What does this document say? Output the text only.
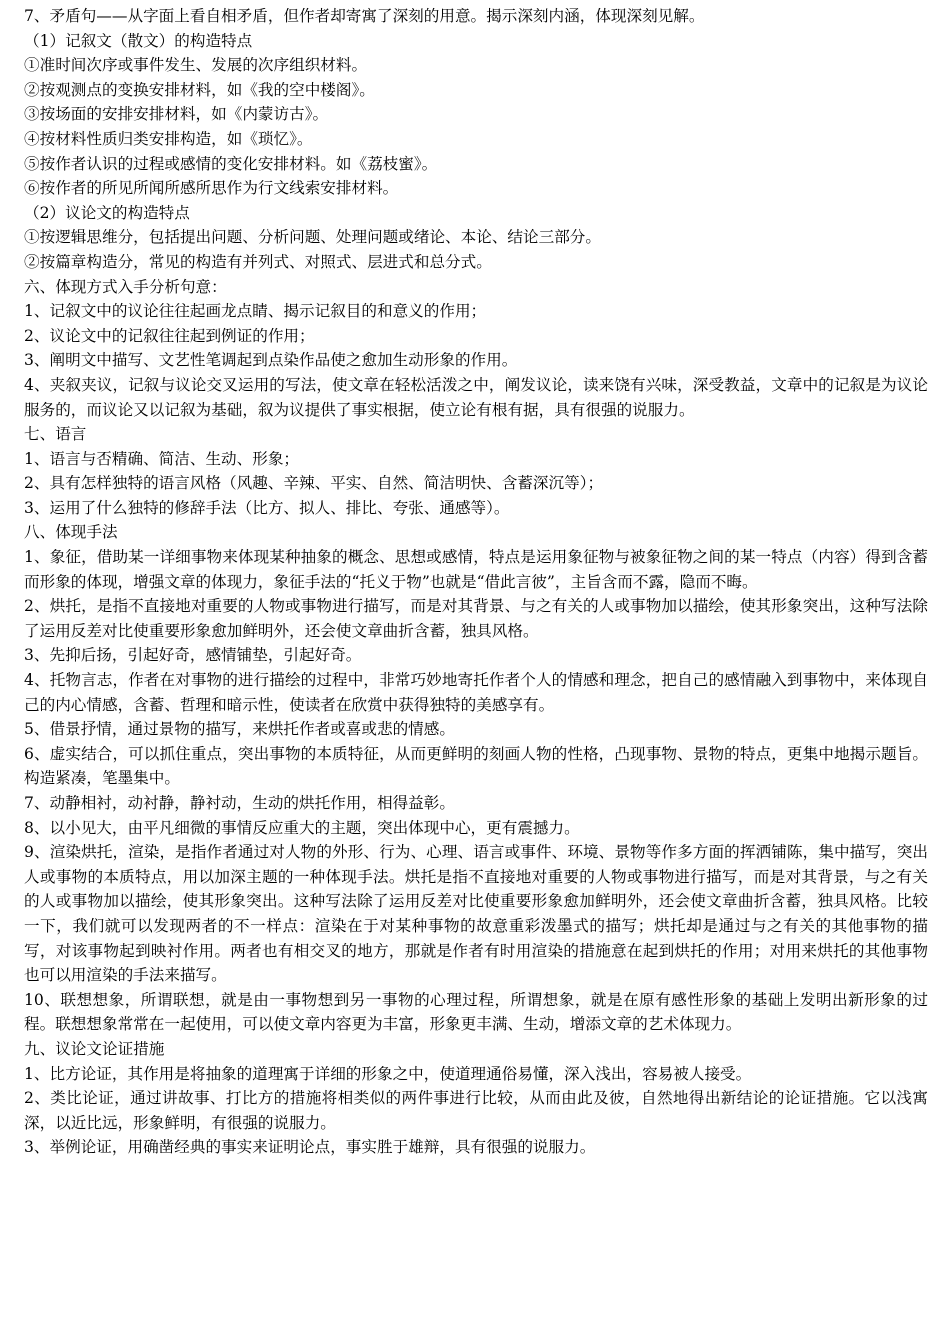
7、矛盾句——从字面上看自相矛盾，但作者却寄寓了深刻的用意。揭示深刻内涵，体现深刻见解。

（1）记叙文（散文）的构造特点

①准时间次序或事件发生、发展的次序组织材料。

②按观测点的变换安排材料，如《我的空中楼阁》。

③按场面的安排安排材料，如《内蒙访古》。

④按材料性质归类安排构造，如《琐忆》。

⑤按作者认识的过程或感情的变化安排材料。如《荔枝蜜》。

⑥按作者的所见所闻所感所思作为行文线索安排材料。

（2）议论文的构造特点

①按逻辑思维分，包括提出问题、分析问题、处理问题或绪论、本论、结论三部分。

②按篇章构造分，常见的构造有并列式、对照式、层进式和总分式。

六、体现方式入手分析句意：

1、记叙文中的议论往往起画龙点睛、揭示记叙目的和意义的作用；

2、议论文中的记叙往往起到例证的作用；

3、阐明文中描写、文艺性笔调起到点染作品使之愈加生动形象的作用。

4、夹叙夹议，记叙与议论交叉运用的写法，使文章在轻松活泼之中，阐发议论，读来饶有兴味，深受教益，文章中的记叙是为议论服务的，而议论又以记叙为基础，叙为议提供了事实根据，使立论有根有据，具有很强的说服力。

七、语言

1、语言与否精确、简洁、生动、形象；

2、具有怎样独特的语言风格（风趣、辛辣、平实、自然、简洁明快、含蓄深沉等）；

3、运用了什么独特的修辞手法（比方、拟人、排比、夸张、通感等）。

八、体现手法

1、象征，借助某一详细事物来体现某种抽象的概念、思想或感情，特点是运用象征物与被象征物之间的某一特点（内容）得到含蓄而形象的体现，增强文章的体现力，象征手法的“托义于物”也就是“借此言彼”，主旨含而不露，隐而不晦。

2、烘托，是指不直接地对重要的人物或事物进行描写，而是对其背景、与之有关的人或事物加以描绘，使其形象突出，这种写法除了运用反差对比使重要形象愈加鲜明外，还会使文章曲折含蓄，独具风格。

3、先抑后扬，引起好奇，感情铺垫，引起好奇。

4、托物言志，作者在对事物的进行描绘的过程中，非常巧妙地寄托作者个人的情感和理念，把自己的感情融入到事物中，来体现自己的内心情感，含蓄、哲理和暗示性，使读者在欣赏中获得独特的美感享有。

5、借景抒情，通过景物的描写，来烘托作者或喜或悲的情感。

6、虚实结合，可以抓住重点，突出事物的本质特征，从而更鲜明的刻画人物的性格，凸现事物、景物的特点，更集中地揭示题旨。构造紧凑，笔墨集中。

7、动静相衬，动衬静，静衬动，生动的烘托作用，相得益彰。

8、以小见大，由平凡细微的事情反应重大的主题，突出体现中心，更有震撼力。

9、渲染烘托，渲染，是指作者通过对人物的外形、行为、心理、语言或事件、环境、景物等作多方面的挥洒铺陈，集中描写，突出人或事物的本质特点，用以加深主题的一种体现手法。烘托是指不直接地对重要的人物或事物进行描写，而是对其背景，与之有关的人或事物加以描绘，使其形象突出。这种写法除了运用反差对比使重要形象愈加鲜明外，还会使文章曲折含蓄，独具风格。比较一下，我们就可以发现两者的不一样点：渲染在于对某种事物的故意重彩泼墨式的描写；烘托却是通过与之有关的其他事物的描写，对该事物起到映衬作用。两者也有相交叉的地方，那就是作者有时用渲染的措施意在起到烘托的作用；对用来烘托的其他事物也可以用渲染的手法来描写。

10、联想想象，所谓联想，就是由一事物想到另一事物的心理过程，所谓想象，就是在原有感性形象的基础上发明出新形象的过程。联想想象常常在一起使用，可以使文章内容更为丰富，形象更丰满、生动，增添文章的艺术体现力。

九、议论文论证措施

1、比方论证，其作用是将抽象的道理寓于详细的形象之中，使道理通俗易懂，深入浅出，容易被人接受。

2、类比论证，通过讲故事、打比方的措施将相类似的两件事进行比较，从而由此及彼，自然地得出新结论的论证措施。它以浅寓深，以近比远，形象鲜明，有很强的说服力。

3、举例论证，用确凿经典的事实来证明论点，事实胜于雄辩，具有很强的说服力。
